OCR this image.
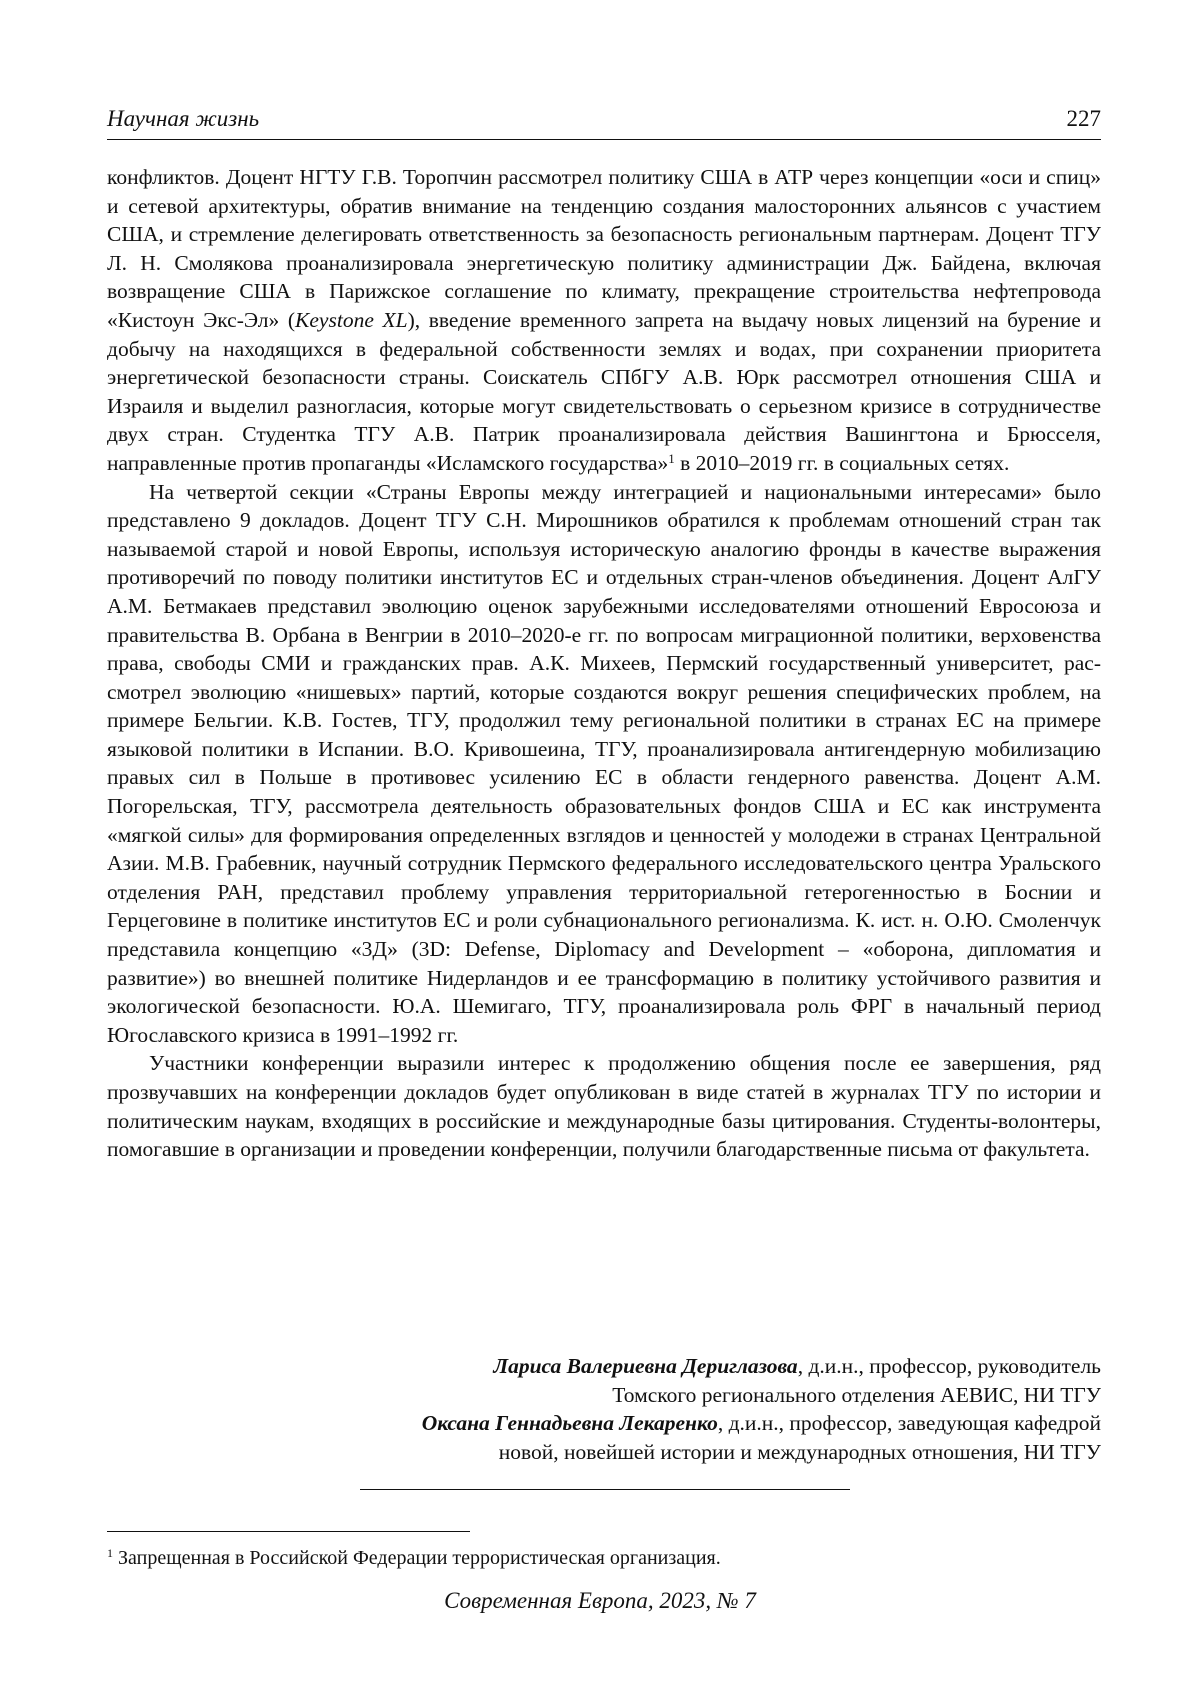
Научная жизнь	227

конфликтов. Доцент НГТУ Г.В. Торопчин рассмотрел политику США в АТР через концепции «оси и спиц» и сетевой архитектуры, обратив внимание на тенденцию создания малосторонних альянсов с участием США, и стремление делегировать ответственность за безопасность региональным партнерам. Доцент ТГУ Л. Н. Смолякова проанализировала энергетическую политику администрации Дж. Байдена, включая возвращение США в Парижское соглашение по климату, прекращение строительства нефтепровода «Кистоун Экс-Эл» (Keystone XL), введение временного запрета на выдачу новых лицензий на бурение и добычу на находящихся в федеральной собственности землях и водах, при сохранении приоритета энергетической безопасности страны. Соискатель СПбГУ А.В. Юрк рассмотрел отношения США и Израиля и выделил разногласия, которые могут свидетельствовать о серьезном кризисе в сотрудничестве двух стран. Студентка ТГУ А.В. Патрик проанализировала действия Вашингтона и Брюсселя, направленные против пропаганды «Исламского государства»$^1$ в 2010–2019 гг. в социальных сетях.

На четвертой секции «Страны Европы между интеграцией и национальными интересами» было представлено 9 докладов. Доцент ТГУ С.Н. Мирошников обратился к проблемам отношений стран так называемой старой и новой Европы, используя историческую аналогию фронды в качестве выражения противоречий по поводу политики институтов ЕС и отдельных стран-членов объединения. Доцент АлГУ А.М. Бетмакаев представил эволюцию оценок зарубежными исследователями отношений Евросоюза и правительства В. Орбана в Венгрии в 2010–2020-е гг. по вопросам миграционной политики, верховенства права, свободы СМИ и гражданских прав. А.К. Михеев, Пермский государственный университет, рассмотрел эволюцию «нишевых» партий, которые создаются вокруг решения специфических проблем, на примере Бельгии. К.В. Гостев, ТГУ, продолжил тему региональной политики в странах ЕС на примере языковой политики в Испании. В.О. Кривошеина, ТГУ, проанализировала антигендерную мобилизацию правых сил в Польше в противовес усилению ЕС в области гендерного равенства. Доцент А.М. Погорельская, ТГУ, рассмотрела деятельность образовательных фондов США и ЕС как инструмента «мягкой силы» для формирования определенных взглядов и ценностей у молодежи в странах Центральной Азии. М.В. Грабевник, научный сотрудник Пермского федерального исследовательского центра Уральского отделения РАН, представил проблему управления территориальной гетерогенностью в Боснии и Герцеговине в политике институтов ЕС и роли субнационального регионализма. К. ист. н. О.Ю. Смоленчук представила концепцию «3Д» (3D: Defense, Diplomacy and Development – «оборона, дипломатия и развитие») во внешней политике Нидерландов и ее трансформацию в политику устойчивого развития и экологической безопасности. Ю.А. Шемигаго, ТГУ, проанализировала роль ФРГ в начальный период Югославского кризиса в 1991–1992 гг.

Участники конференции выразили интерес к продолжению общения после ее завершения, ряд прозвучавших на конференции докладов будет опубликован в виде статей в журналах ТГУ по истории и политическим наукам, входящих в российские и международные базы цитирования. Студенты-волонтеры, помогавшие в организации и проведении конференции, получили благодарственные письма от факультета.

Лариса Валериевна Дериглазова, д.и.н., профессор, руководитель
Томского регионального отделения АЕВИС, НИ ТГУ
Оксана Геннадьевна Лекаренко, д.и.н., профессор, заведующая кафедрой
новой, новейшей истории и международных отношения, НИ ТГУ
$^1$ Запрещенная в Российской Федерации террористическая организация.
Современная Европа, 2023, № 7
